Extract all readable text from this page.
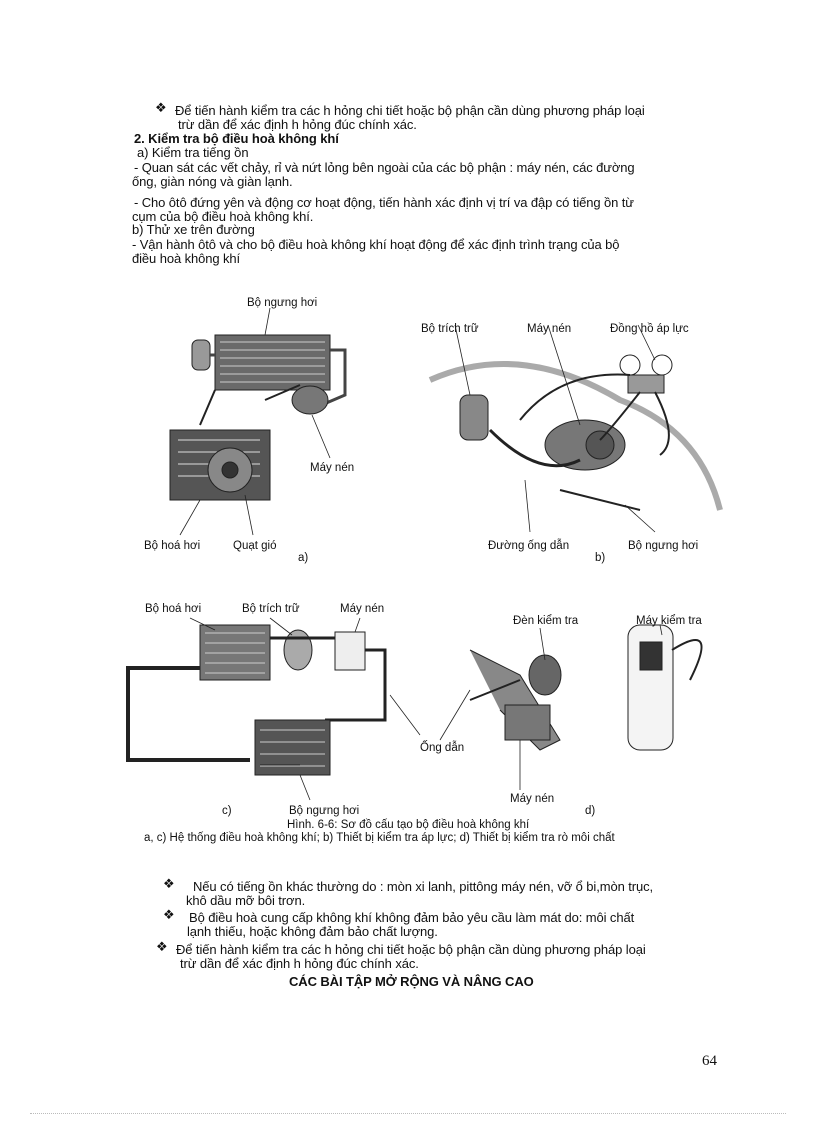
❖ Để tiến hành kiểm tra các h hỏng chi tiết hoặc bộ phận cần dùng phương pháp loại
trừ dần để xác định h hỏng đúc chính xác.
2. Kiểm tra bộ điều hoà không khí
a) Kiểm tra tiếng ồn
- Quan sát các vết chảy, rỉ và nứt lỏng bên ngoài của các bộ phận : máy nén, các đường
ống, giàn nóng và giàn lạnh.
- Cho ôtô đứng yên và động cơ hoạt động, tiến hành xác định vị trí va đập có tiếng ồn từ
cụm của bộ điều hoà không khí.
b) Thử xe trên đường
- Vận hành ôtô và cho bộ điều hoà không khí hoạt động để xác định trình trạng của bộ
điều hoà không khí
Bộ ngưng hơi
Máy nén
Bộ hoá hơi	Quạt gió
a)
Bộ trích trữ	Máy nén	Đồng hồ áp lực
Đường ống dẫn	Bộ ngưng hơi
b)
Bộ hoá hơi	Bộ trích trữ	Máy nén
Ống dẫn
Bộ ngưng hơi
c)
Đèn kiểm tra	Máy kiểm tra
Máy nén
d)
Hình. 6-6: Sơ đồ cấu tạo bộ điều hoà không khí
a, c) Hệ thống điều hoà không khí; b) Thiết bị kiểm tra áp lực; d) Thiết bị kiểm tra rò môi chất
❖ Nếu có tiếng ồn khác thường do : mòn xi lanh, pittông máy nén, vỡ ổ bi,mòn trục,
khô dầu mỡ bôi trơn.
❖ Bộ điều hoà cung cấp không khí không đảm bảo yêu cầu làm mát do: môi chất
lạnh thiếu, hoặc không đảm bảo chất lượng.
❖ Để tiến hành kiểm tra các h hỏng chi tiết hoặc bộ phận cần dùng phương pháp loại
trừ dần để xác định h hỏng đúc chính xác.
CÁC BÀI TẬP MỞ RỘNG VÀ NÂNG CAO
64
